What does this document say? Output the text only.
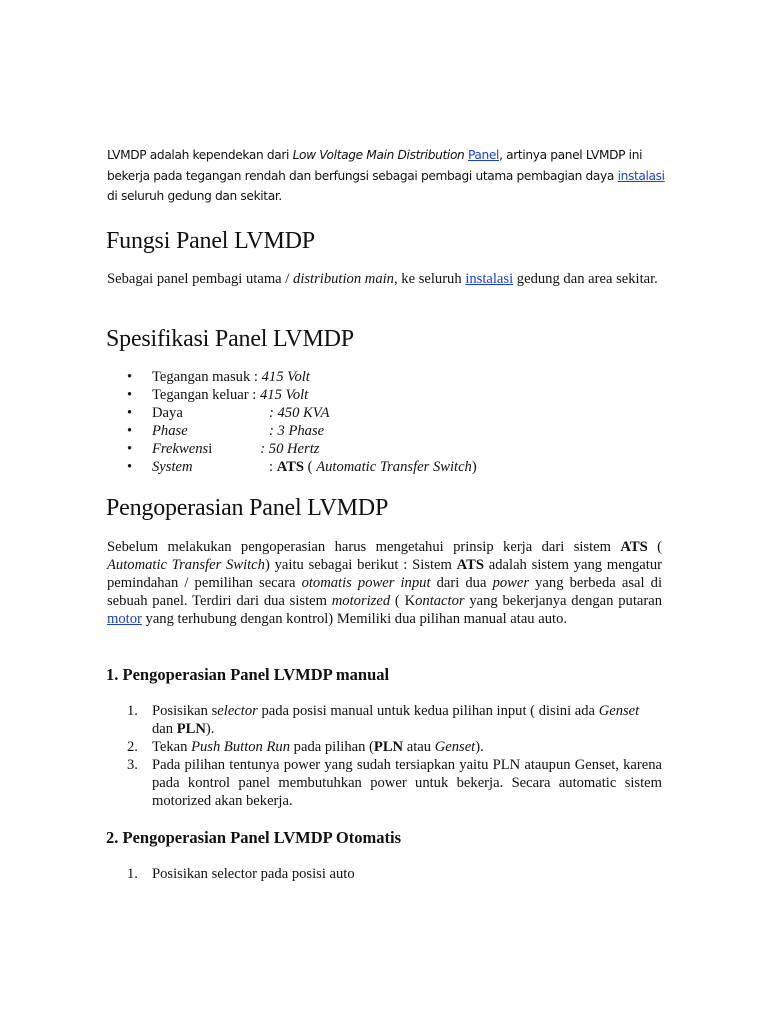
LVMDP adalah kependekan dari Low Voltage Main Distribution Panel, artinya panel LVMDP ini bekerja pada tegangan rendah dan berfungsi sebagai pembagi utama pembagian daya instalasi di seluruh gedung dan sekitar.

Fungsi Panel LVMDP

Sebagai panel pembagi utama / distribution main, ke seluruh instalasi gedung dan area sekitar.

Spesifikasi Panel LVMDP
• Tegangan masuk : 415 Volt
• Tegangan keluar : 415 Volt
• Daya	: 450 KVA
• Phase	: 3 Phase
• Frekwensi	: 50 Hertz
• System	: ATS ( Automatic Transfer Switch)
Pengoperasian Panel LVMDP

Sebelum melakukan pengoperasian harus mengetahui prinsip kerja dari sistem ATS ( Automatic Transfer Switch) yaitu sebagai berikut : Sistem ATS adalah sistem yang mengatur pemindahan / pemilihan secara otomatis power input dari dua power yang berbeda asal di sebuah panel. Terdiri dari dua sistem motorized ( Kontactor yang bekerjanya dengan putaran motor yang terhubung dengan kontrol) Memiliki dua pilihan manual atau auto.

1. Pengoperasian Panel LVMDP manual
1. Posisikan selector pada posisi manual untuk kedua pilihan input ( disini ada Genset
dan PLN).
2. Tekan Push Button Run pada pilihan (PLN atau Genset).
3. Pada pilihan tentunya power yang sudah tersiapkan yaitu PLN ataupun Genset, karena pada kontrol panel membutuhkan power untuk bekerja. Secara automatic sistem motorized akan bekerja.
2. Pengoperasian Panel LVMDP Otomatis
1. Posisikan selector pada posisi auto
